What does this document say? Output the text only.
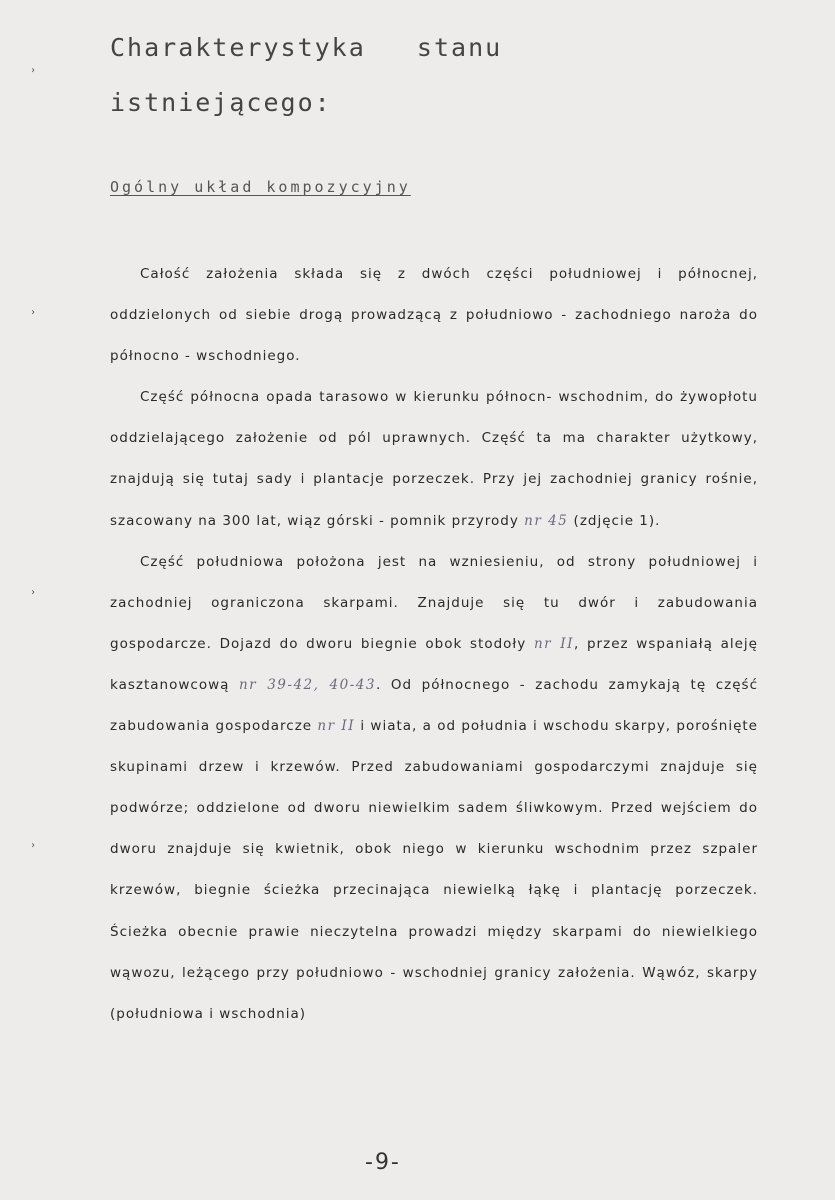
Charakterystyka   stanu
istniejącego:
Ogólny układ kompozycyjny

Całość założenia składa się z dwóch części południowej i północnej, oddzielonych od siebie drogą prowadzącą z południowo - zachodniego naroża do północno - wschodniego.

Część północna opada tarasowo w kierunku północn- wschodnim, do żywopłotu oddzielającego założenie od pól uprawnych. Część ta ma charakter użytkowy, znajdują się tutaj sady i plantacje porzeczek. Przy jej zachodniej granicy rośnie, szacowany na 300 lat, wiąz górski - pomnik przyrody nr 45 (zdjęcie 1).

Część południowa położona jest na wzniesieniu, od strony południowej i zachodniej ograniczona skarpami. Znajduje się tu dwór i zabudowania gospodarcze. Dojazd do dworu biegnie obok stodoły nr II, przez wspaniałą aleję kasztanowcową nr 39-42, 40-43. Od północnego - zachodu zamykają tę część zabudowania gospodarcze nr II i wiata, a od południa i wschodu skarpy, porośnięte skupinami drzew i krzewów. Przed zabudowaniami gospodarczymi znajduje się podwórze; oddzielone od dworu niewielkim sadem śliwkowym. Przed wejściem do dworu znajduje się kwietnik, obok niego w kierunku wschodnim przez szpaler krzewów, biegnie ścieżka przecinająca niewielką łąkę i plantację porzeczek. Ścieżka obecnie prawie nieczytelna prowadzi między skarpami do niewielkiego wąwozu, leżącego przy południowo - wschodniej granicy założenia. Wąwóz, skarpy (południowa i wschodnia)

-9-
›
›
›
›
